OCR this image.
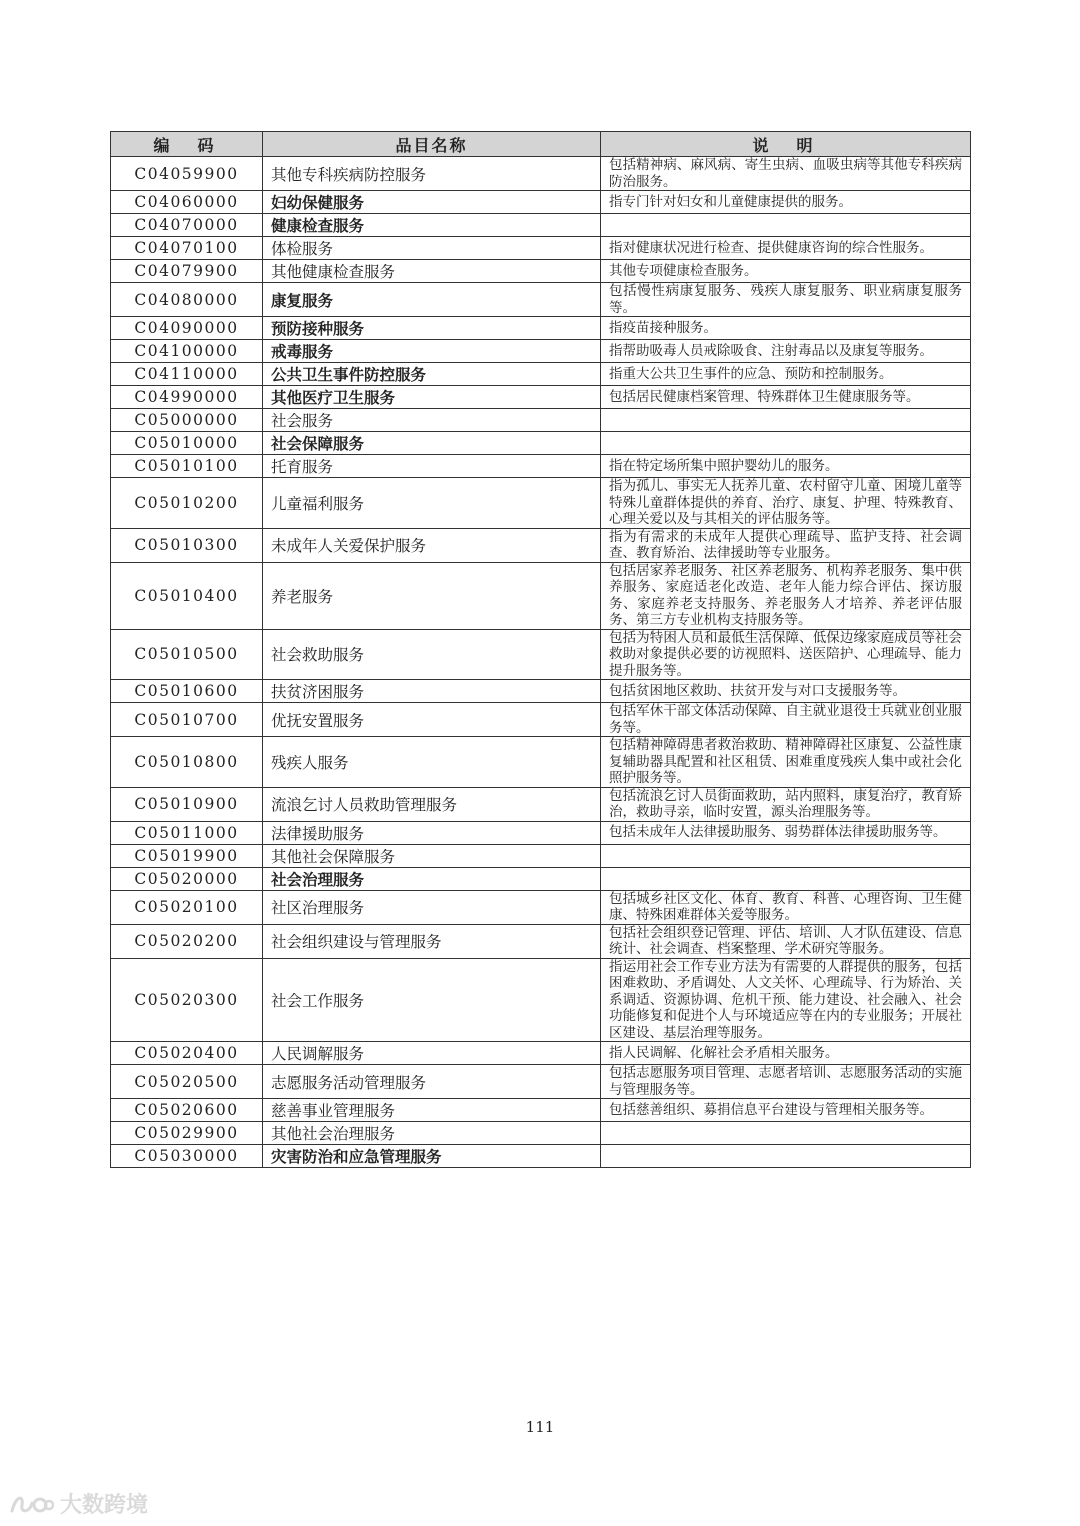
编　码	品目名称	说　明
C04059900	其他专科疾病防控服务	包括精神病、麻风病、寄生虫病、血吸虫病等其他专科疾病防治服务。
C04060000	妇幼保健服务	指专门针对妇女和儿童健康提供的服务。
C04070000	健康检查服务	
C04070100	体检服务	指对健康状况进行检查、提供健康咨询的综合性服务。
C04079900	其他健康检查服务	其他专项健康检查服务。
C04080000	康复服务	包括慢性病康复服务、残疾人康复服务、职业病康复服务等。
C04090000	预防接种服务	指疫苗接种服务。
C04100000	戒毒服务	指帮助吸毒人员戒除吸食、注射毒品以及康复等服务。
C04110000	公共卫生事件防控服务	指重大公共卫生事件的应急、预防和控制服务。
C04990000	其他医疗卫生服务	包括居民健康档案管理、特殊群体卫生健康服务等。
C05000000	社会服务	
C05010000	社会保障服务	
C05010100	托育服务	指在特定场所集中照护婴幼儿的服务。
C05010200	儿童福利服务	指为孤儿、事实无人抚养儿童、农村留守儿童、困境儿童等特殊儿童群体提供的养育、治疗、康复、护理、特殊教育、心理关爱以及与其相关的评估服务等。
C05010300	未成年人关爱保护服务	指为有需求的未成年人提供心理疏导、监护支持、社会调查、教育矫治、法律援助等专业服务。
C05010400	养老服务	包括居家养老服务、社区养老服务、机构养老服务、集中供养服务、家庭适老化改造、老年人能力综合评估、探访服务、家庭养老支持服务、养老服务人才培养、养老评估服务、第三方专业机构支持服务等。
C05010500	社会救助服务	包括为特困人员和最低生活保障、低保边缘家庭成员等社会救助对象提供必要的访视照料、送医陪护、心理疏导、能力提升服务等。
C05010600	扶贫济困服务	包括贫困地区救助、扶贫开发与对口支援服务等。
C05010700	优抚安置服务	包括军休干部文体活动保障、自主就业退役士兵就业创业服务等。
C05010800	残疾人服务	包括精神障碍患者救治救助、精神障碍社区康复、公益性康复辅助器具配置和社区租赁、困难重度残疾人集中或社会化照护服务等。
C05010900	流浪乞讨人员救助管理服务	包括流浪乞讨人员街面救助，站内照料，康复治疗，教育矫治，救助寻亲，临时安置，源头治理服务等。
C05011000	法律援助服务	包括未成年人法律援助服务、弱势群体法律援助服务等。
C05019900	其他社会保障服务	
C05020000	社会治理服务	
C05020100	社区治理服务	包括城乡社区文化、体育、教育、科普、心理咨询、卫生健康、特殊困难群体关爱等服务。
C05020200	社会组织建设与管理服务	包括社会组织登记管理、评估、培训、人才队伍建设、信息统计、社会调查、档案整理、学术研究等服务。
C05020300	社会工作服务	指运用社会工作专业方法为有需要的人群提供的服务，包括困难救助、矛盾调处、人文关怀、心理疏导、行为矫治、关系调适、资源协调、危机干预、能力建设、社会融入、社会功能修复和促进个人与环境适应等在内的专业服务；开展社区建设、基层治理等服务。
C05020400	人民调解服务	指人民调解、化解社会矛盾相关服务。
C05020500	志愿服务活动管理服务	包括志愿服务项目管理、志愿者培训、志愿服务活动的实施与管理服务等。
C05020600	慈善事业管理服务	包括慈善组织、募捐信息平台建设与管理相关服务等。
C05029900	其他社会治理服务	
C05030000	灾害防治和应急管理服务	
111
大数跨境
